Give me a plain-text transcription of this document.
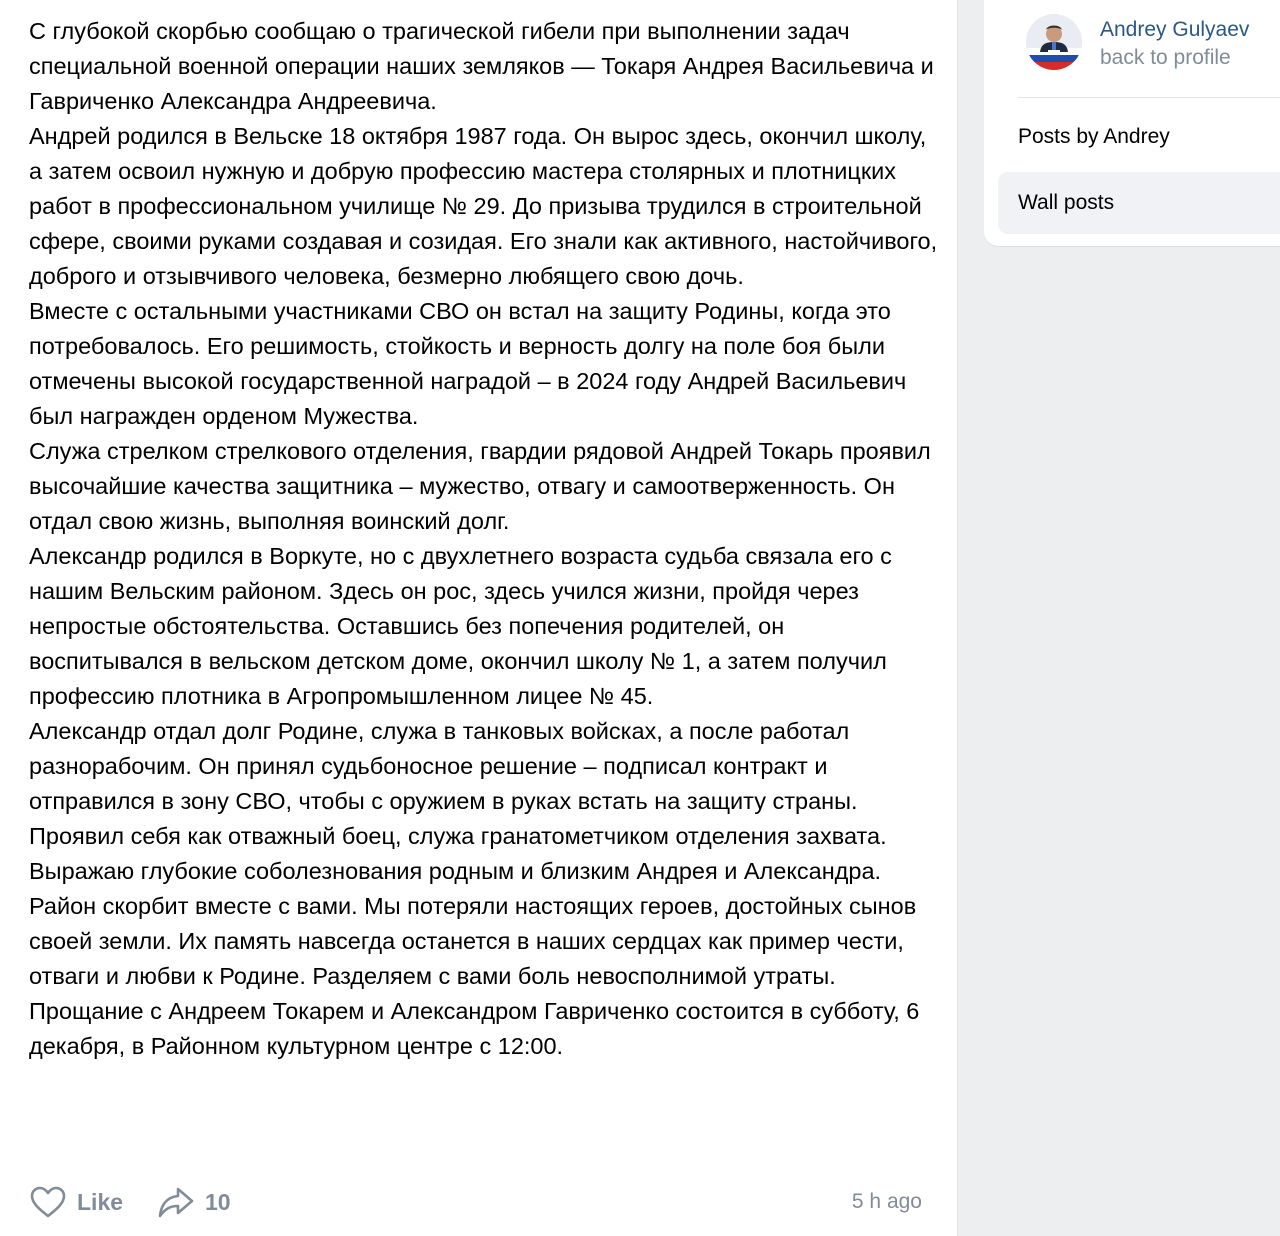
С глубокой скорбью сообщаю о трагической гибели при выполнении задач специальной военной операции наших земляков — Токаря Андрея Васильевича и Гавриченко Александра Андреевича.

Андрей родился в Вельске 18 октября 1987 года. Он вырос здесь, окончил школу, а затем освоил нужную и добрую профессию мастера столярных и плотницких работ в профессиональном училище № 29. До призыва трудился в строительной сфере, своими руками создавая и созидая. Его знали как активного, настойчивого, доброго и отзывчивого человека, безмерно любящего свою дочь.

Вместе с остальными участниками СВО он встал на защиту Родины, когда это потребовалось. Его решимость, стойкость и верность долгу на поле боя были отмечены высокой государственной наградой – в 2024 году Андрей Васильевич был награжден орденом Мужества.

Служа стрелком стрелкового отделения, гвардии рядовой Андрей Токарь проявил высочайшие качества защитника – мужество, отвагу и самоотверженность. Он отдал свою жизнь, выполняя воинский долг.

Александр родился в Воркуте, но с двухлетнего возраста судьба связала его с нашим Вельским районом. Здесь он рос, здесь учился жизни, пройдя через непростые обстоятельства. Оставшись без попечения родителей, он воспитывался в вельском детском доме, окончил школу № 1, а затем получил профессию плотника в Агропромышленном лицее № 45.

Александр отдал долг Родине, служа в танковых войсках, а после работал разнорабочим. Он принял судьбоносное решение – подписал контракт и отправился в зону СВО, чтобы с оружием в руках встать на защиту страны. Проявил себя как отважный боец, служа гранатометчиком отделения захвата.

Выражаю глубокие соболезнования родным и близким Андрея и Александра. Район скорбит вместе с вами. Мы потеряли настоящих героев, достойных сынов своей земли. Их память навсегда останется в наших сердцах как пример чести, отваги и любви к Родине. Разделяем с вами боль невосполнимой утраты.

Прощание с Андреем Токарем и Александром Гавриченко состоится в субботу, 6 декабря, в Районном культурном центре с 12:00.

Like	10	5 h ago
Andrey Gulyaev
back to profile
Posts by Andrey
Wall posts
